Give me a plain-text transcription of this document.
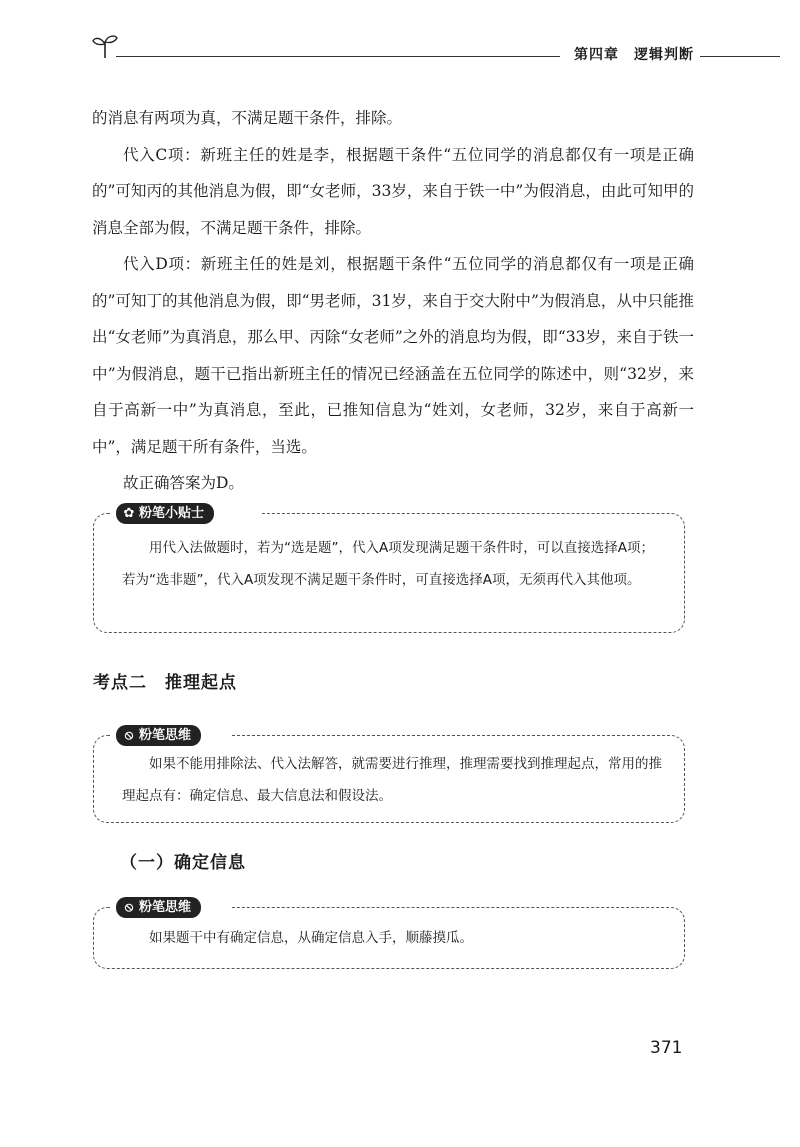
第四章　逻辑判断

的消息有两项为真，不满足题干条件，排除。

代入C项：新班主任的姓是李，根据题干条件“五位同学的消息都仅有一项是正确的”可知丙的其他消息为假，即“女老师，33岁，来自于铁一中”为假消息，由此可知甲的消息全部为假，不满足题干条件，排除。

代入D项：新班主任的姓是刘，根据题干条件“五位同学的消息都仅有一项是正确的”可知丁的其他消息为假，即“男老师，31岁，来自于交大附中”为假消息，从中只能推出“女老师”为真消息，那么甲、丙除“女老师”之外的消息均为假，即“33岁，来自于铁一中”为假消息，题干已指出新班主任的情况已经涵盖在五位同学的陈述中，则“32岁，来自于高新一中”为真消息，至此，已推知信息为“姓刘，女老师，32岁，来自于高新一中”，满足题干所有条件，当选。

故正确答案为D。

✿ 粉笔小贴士

用代入法做题时，若为“选是题”，代入A项发现满足题干条件时，可以直接选择A项；若为“选非题”，代入A项发现不满足题干条件时，可直接选择A项，无须再代入其他项。

考点二　推理起点
⦸ 粉笔思维

如果不能用排除法、代入法解答，就需要进行推理，推理需要找到推理起点，常用的推理起点有：确定信息、最大信息法和假设法。

（一）确定信息
⦸ 粉笔思维

如果题干中有确定信息，从确定信息入手，顺藤摸瓜。

371
